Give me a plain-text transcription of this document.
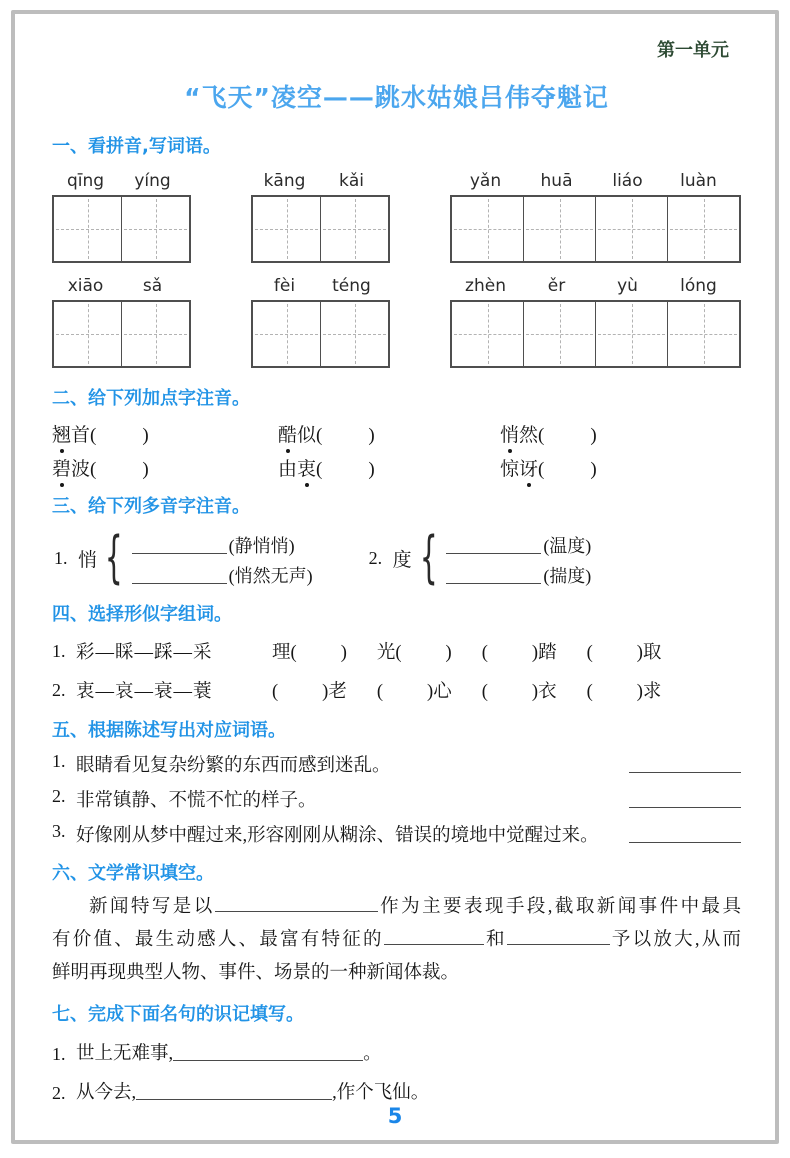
第一单元
“飞天”凌空——跳水姑娘吕伟夺魁记
一、看拼音,写词语。
qīng	yíng	kāng	kǎi	yǎn	huā	liáo	luàn
xiāo	sǎ	fèi	téng	zhèn	ěr	yù	lóng
二、给下列加点字注音。
翘首( )	酷似( )	悄然( )
碧波( )	由衷( )	惊讶( )
三、给下列多音字注音。
1. 悄 {	(静悄悄)
(悄然无声)
2. 度 {	(温度)
(揣度)
四、选择形似字组词。
1. 彩—睬—踩—采	理( ) 光( ) ( )踏 ( )取
2. 衷—哀—衰—蓑	( )老 ( )心 ( )衣 ( )求
五、根据陈述写出对应词语。
1. 眼睛看见复杂纷繁的东西而感到迷乱。
2. 非常镇静、不慌不忙的样子。
3. 好像刚从梦中醒过来,形容刚刚从糊涂、错误的境地中觉醒过来。
六、文学常识填空。
新闻特写是以	作为主要表现手段,截取新闻事件中最具
有价值、最生动感人、最富有特征的	和	予以放大,从而
鲜明再现典型人物、事件、场景的一种新闻体裁。
七、完成下面名句的识记填写。
1. 世上无难事,	。
2. 从今去,	,作个飞仙。
5
